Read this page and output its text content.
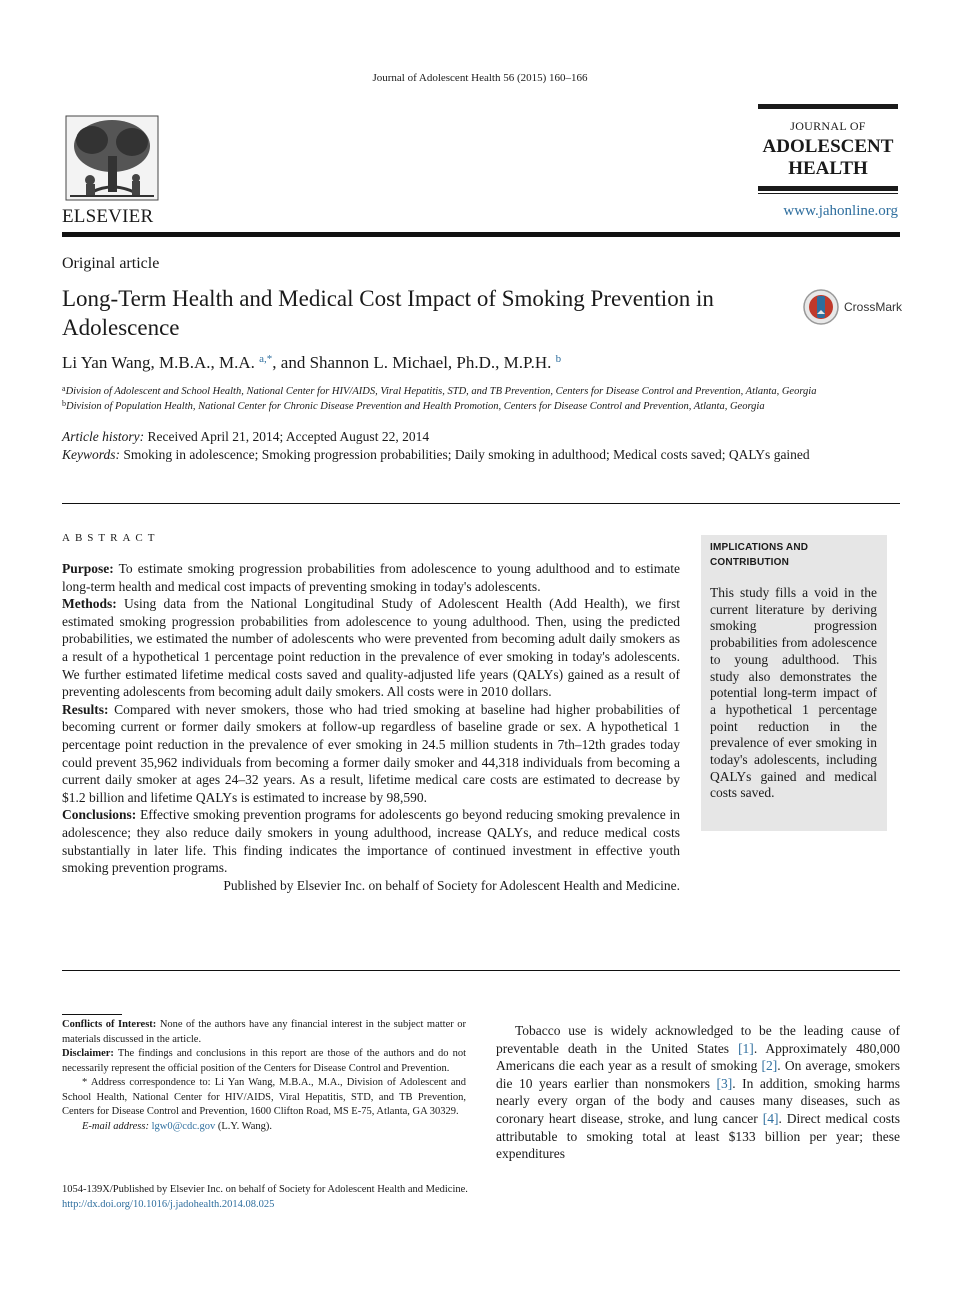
Journal of Adolescent Health 56 (2015) 160–166
ELSEVIER
JOURNAL OF
ADOLESCENT
HEALTH
www.jahonline.org
Original article
Long-Term Health and Medical Cost Impact of Smoking Prevention in Adolescence
CrossMark
Li Yan Wang, M.B.A., M.A. $^{a,*}$, and Shannon L. Michael, Ph.D., M.P.H. $^b$
$^a$Division of Adolescent and School Health, National Center for HIV/AIDS, Viral Hepatitis, STD, and TB Prevention, Centers for Disease Control and Prevention, Atlanta, Georgia
$^b$Division of Population Health, National Center for Chronic Disease Prevention and Health Promotion, Centers for Disease Control and Prevention, Atlanta, Georgia
Article history: Received April 21, 2014; Accepted August 22, 2014
Keywords: Smoking in adolescence; Smoking progression probabilities; Daily smoking in adulthood; Medical costs saved; QALYs gained
ABSTRACT

Purpose: To estimate smoking progression probabilities from adolescence to young adulthood and to estimate long-term health and medical cost impacts of preventing smoking in today's adolescents.

Methods: Using data from the National Longitudinal Study of Adolescent Health (Add Health), we first estimated smoking progression probabilities from adolescence to young adulthood. Then, using the predicted probabilities, we estimated the number of adolescents who were prevented from becoming adult daily smokers as a result of a hypothetical 1 percentage point reduction in the prevalence of ever smoking in today's adolescents. We further estimated lifetime medical costs saved and quality-adjusted life years (QALYs) gained as a result of preventing adolescents from becoming adult daily smokers. All costs were in 2010 dollars.

Results: Compared with never smokers, those who had tried smoking at baseline had higher probabilities of becoming current or former daily smokers at follow-up regardless of baseline grade or sex. A hypothetical 1 percentage point reduction in the prevalence of ever smoking in 24.5 million students in 7th–12th grades today could prevent 35,962 individuals from becoming a former daily smoker and 44,318 individuals from becoming a current daily smoker at ages 24–32 years. As a result, lifetime medical care costs are estimated to decrease by $1.2 billion and lifetime QALYs is estimated to increase by 98,590.

Conclusions: Effective smoking prevention programs for adolescents go beyond reducing smoking prevalence in adolescence; they also reduce daily smokers in young adulthood, increase QALYs, and reduce medical costs substantially in later life. This finding indicates the importance of continued investment in effective youth smoking prevention programs.

Published by Elsevier Inc. on behalf of Society for Adolescent Health and Medicine.

IMPLICATIONS AND CONTRIBUTION
This study fills a void in the current literature by deriving smoking progression probabilities from adolescence to young adulthood. This study also demonstrates the potential long-term impact of a hypothetical 1 percentage point reduction in the prevalence of ever smoking in today's adolescents, including QALYs gained and medical costs saved.

Conflicts of Interest: None of the authors have any financial interest in the subject matter or materials discussed in the article.

Disclaimer: The findings and conclusions in this report are those of the authors and do not necessarily represent the official position of the Centers for Disease Control and Prevention.

* Address correspondence to: Li Yan Wang, M.B.A., M.A., Division of Adolescent and School Health, National Center for HIV/AIDS, Viral Hepatitis, STD, and TB Prevention, Centers for Disease Control and Prevention, 1600 Clifton Road, MS E-75, Atlanta, GA 30329.

E-mail address: lgw0@cdc.gov (L.Y. Wang).

Tobacco use is widely acknowledged to be the leading cause of preventable death in the United States [1]. Approximately 480,000 Americans die each year as a result of smoking [2]. On average, smokers die 10 years earlier than nonsmokers [3]. In addition, smoking harms nearly every organ of the body and causes many diseases, such as coronary heart disease, stroke, and lung cancer [4]. Direct medical costs attributable to smoking total at least $133 billion per year; these expenditures

1054-139X/Published by Elsevier Inc. on behalf of Society for Adolescent Health and Medicine.
http://dx.doi.org/10.1016/j.jadohealth.2014.08.025
